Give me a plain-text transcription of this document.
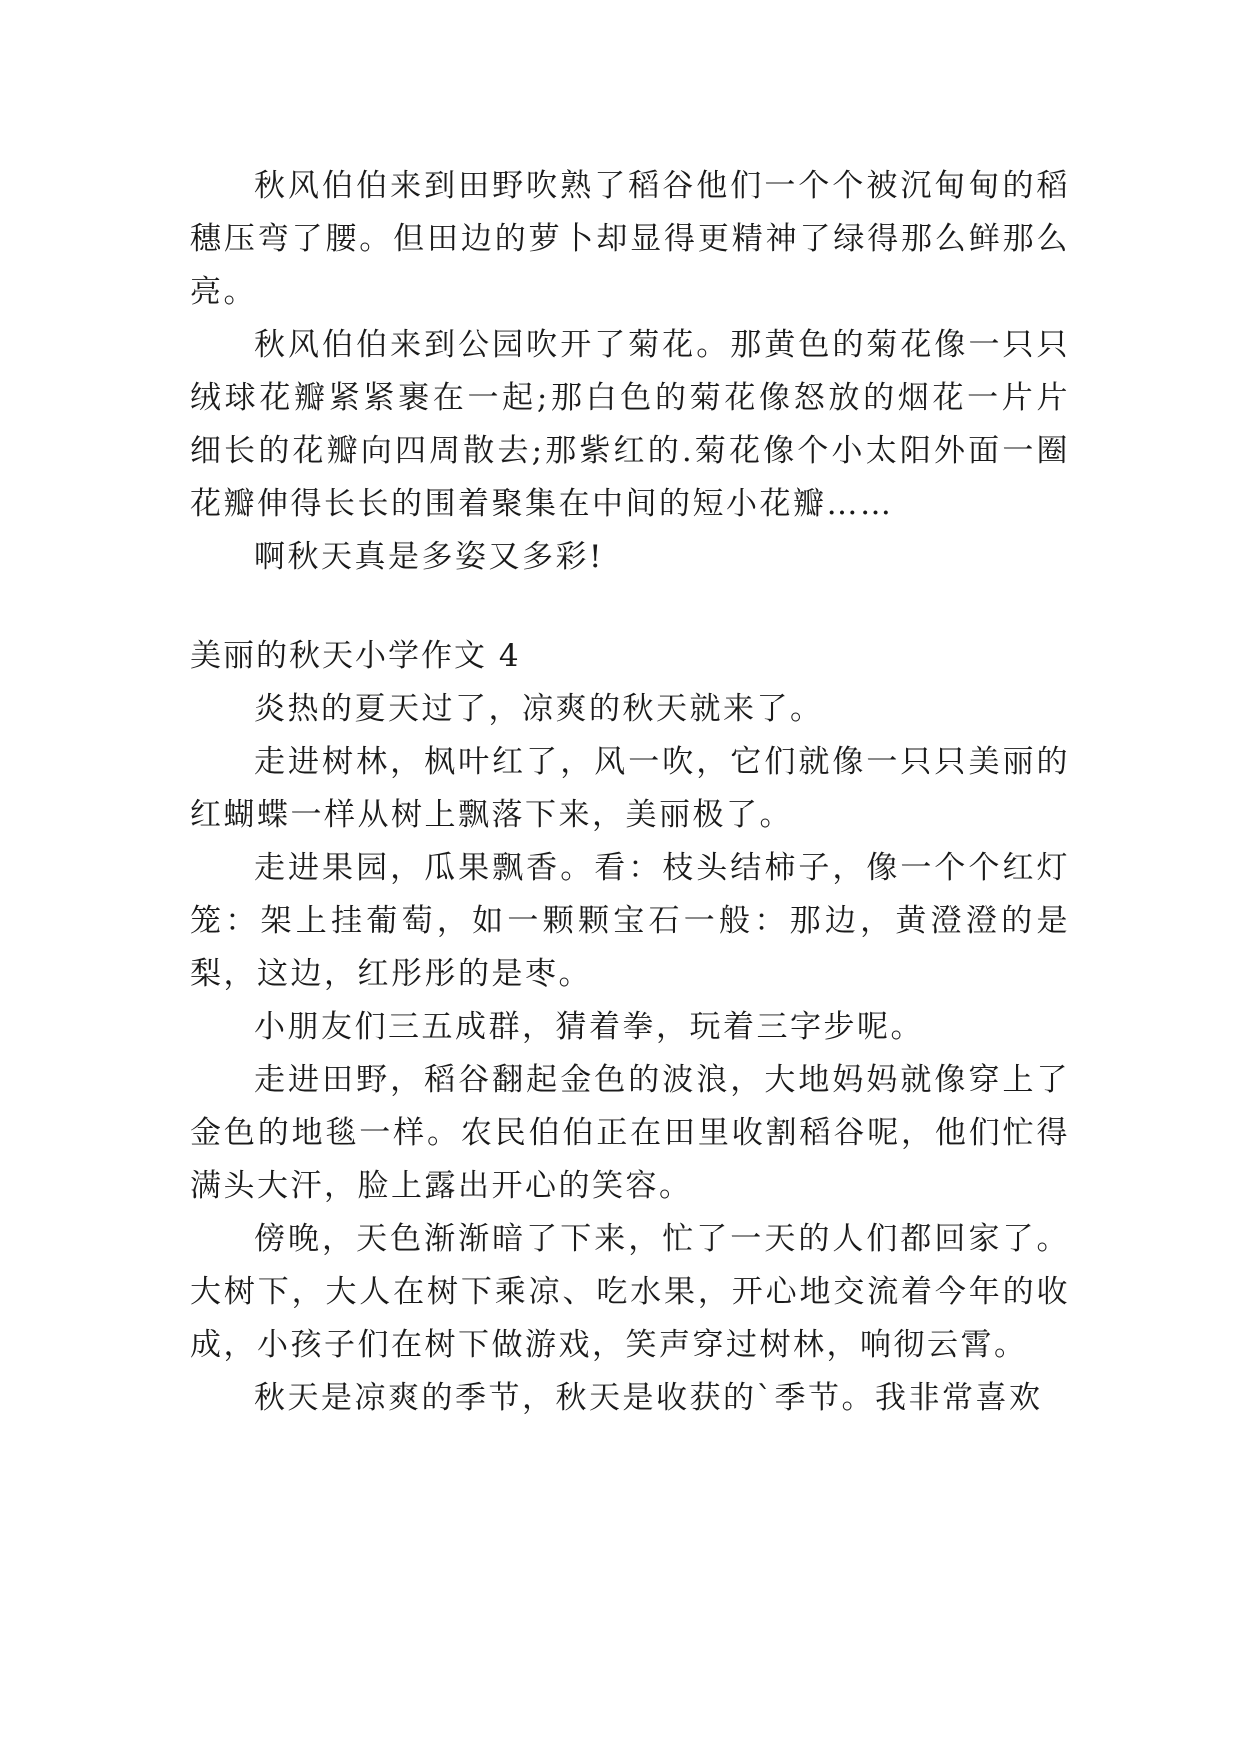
秋风伯伯来到田野吹熟了稻谷他们一个个被沉甸甸的稻穗压弯了腰。但田边的萝卜却显得更精神了绿得那么鲜那么亮。

秋风伯伯来到公园吹开了菊花。那黄色的菊花像一只只绒球花瓣紧紧裹在一起;那白色的菊花像怒放的烟花一片片细长的花瓣向四周散去;那紫红的.菊花像个小太阳外面一圈花瓣伸得长长的围着聚集在中间的短小花瓣……

啊秋天真是多姿又多彩!

美丽的秋天小学作文 4

炎热的夏天过了，凉爽的秋天就来了。

走进树林，枫叶红了，风一吹，它们就像一只只美丽的红蝴蝶一样从树上飘落下来，美丽极了。

走进果园，瓜果飘香。看：枝头结柿子，像一个个红灯笼：架上挂葡萄，如一颗颗宝石一般：那边，黄澄澄的是梨，这边，红彤彤的是枣。

小朋友们三五成群，猜着拳，玩着三字步呢。

走进田野，稻谷翻起金色的波浪，大地妈妈就像穿上了金色的地毯一样。农民伯伯正在田里收割稻谷呢，他们忙得满头大汗，脸上露出开心的笑容。

傍晚，天色渐渐暗了下来，忙了一天的人们都回家了。大树下，大人在树下乘凉、吃水果，开心地交流着今年的收成，小孩子们在树下做游戏，笑声穿过树林，响彻云霄。

秋天是凉爽的季节，秋天是收获的`季节。我非常喜欢
